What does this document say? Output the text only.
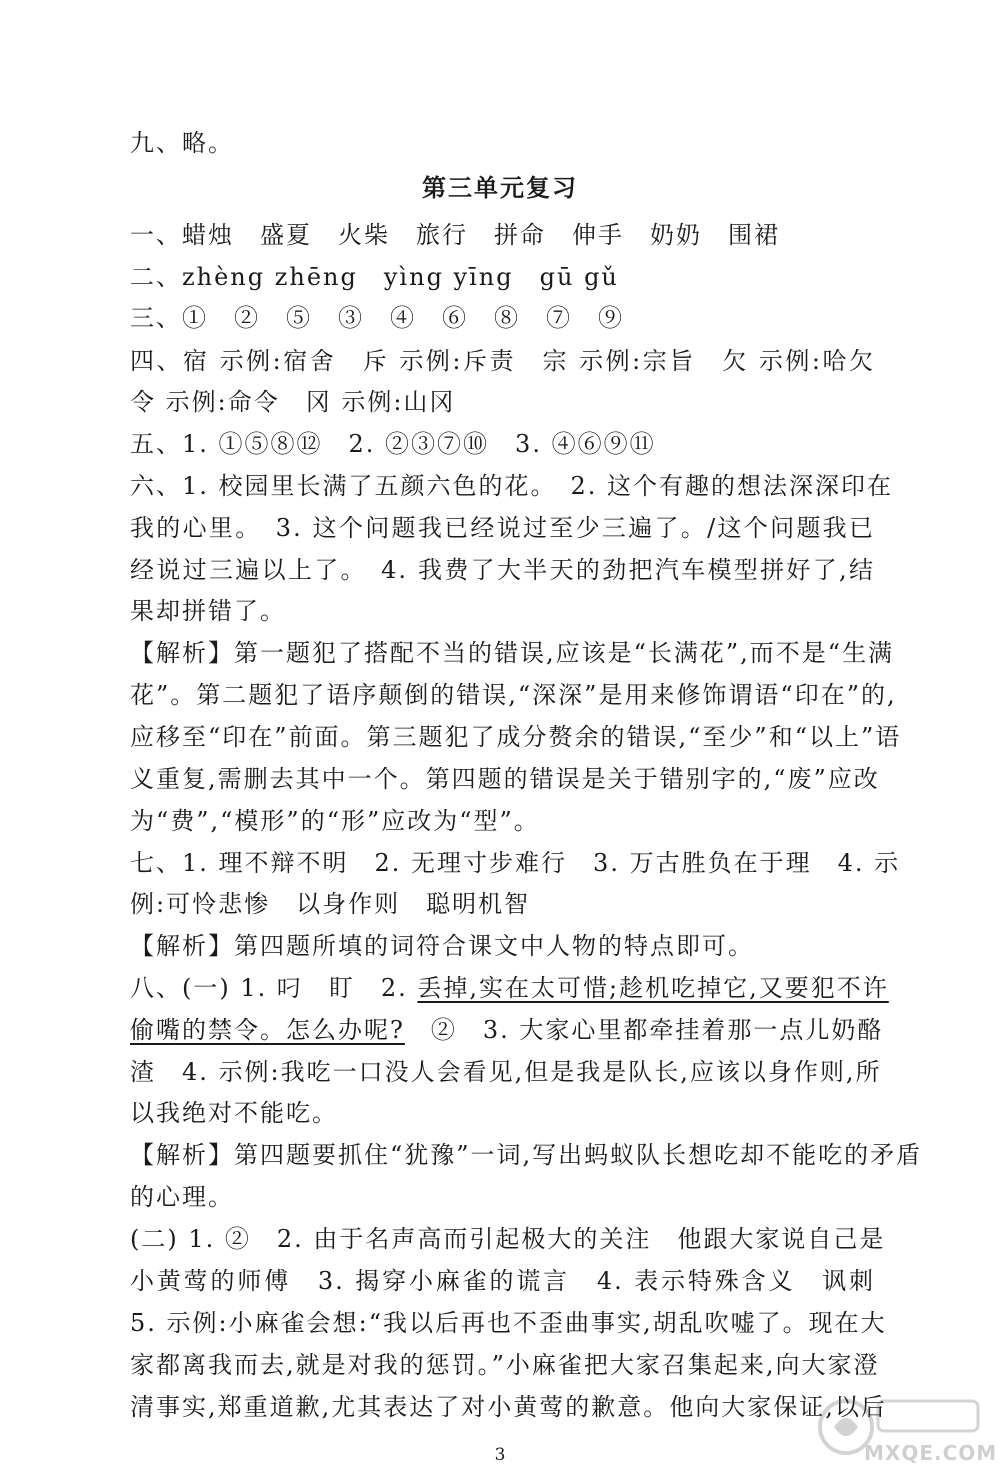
九、略。
第三单元复习
一、蜡烛　盛夏　火柴　旅行　拼命　伸手　奶奶　围裙
二、zhèng zhēng　yìng yīng　gū gǔ
三、①　②　⑤　③　④　⑥　⑧　⑦　⑨
四、宿 示例:宿舍　斥 示例:斥责　宗 示例:宗旨　欠 示例:哈欠
令 示例:命令　冈 示例:山冈
五、1. ①⑤⑧⑫　2. ②③⑦⑩　3. ④⑥⑨⑪
六、1. 校园里长满了五颜六色的花。　2. 这个有趣的想法深深印在
我的心里。　3. 这个问题我已经说过至少三遍了。/这个问题我已
经说过三遍以上了。　4. 我费了大半天的劲把汽车模型拼好了,结
果却拼错了。
【解析】第一题犯了搭配不当的错误,应该是“长满花”,而不是“生满
花”。第二题犯了语序颠倒的错误,“深深”是用来修饰谓语“印在”的,
应移至“印在”前面。第三题犯了成分赘余的错误,“至少”和“以上”语
义重复,需删去其中一个。第四题的错误是关于错别字的,“废”应改
为“费”,“模形”的“形”应改为“型”。
七、1. 理不辩不明　2. 无理寸步难行　3. 万古胜负在于理　4. 示
例:可怜悲惨　以身作则　聪明机智
【解析】第四题所填的词符合课文中人物的特点即可。
八、(一) 1. 叼　盯　2. 丢掉,实在太可惜;趁机吃掉它,又要犯不许
偷嘴的禁令。怎么办呢?　②　3. 大家心里都牵挂着那一点儿奶酪
渣　4. 示例:我吃一口没人会看见,但是我是队长,应该以身作则,所
以我绝对不能吃。
【解析】第四题要抓住“犹豫”一词,写出蚂蚁队长想吃却不能吃的矛盾
的心理。
(二) 1. ②　2. 由于名声高而引起极大的关注　他跟大家说自己是
小黄莺的师傅　3. 揭穿小麻雀的谎言　4. 表示特殊含义　讽刺
5. 示例:小麻雀会想:“我以后再也不歪曲事实,胡乱吹嘘了。现在大
家都离我而去,就是对我的惩罚。”小麻雀把大家召集起来,向大家澄
清事实,郑重道歉,尤其表达了对小黄莺的歉意。他向大家保证,以后
3	MXQE.COM
